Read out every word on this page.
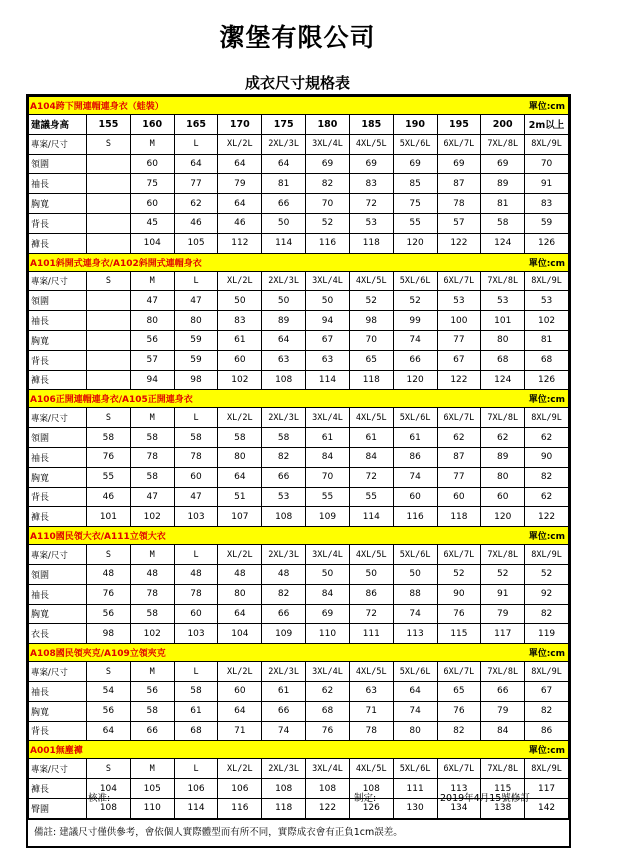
潔堡有限公司
成衣尺寸規格表
單位:cm
A104跨下開連帽連身衣（蛙裝）											

建議身高	155	160	165	170	175	180	185	190	195	200	2m以上
專案/尺寸	S	M	L	XL/2L	2XL/3L	3XL/4L	4XL/5L	5XL/6L	6XL/7L	7XL/8L	8XL/9L
領圍		60	64	64	64	69	69	69	69	69	70
袖長		75	77	79	81	82	83	85	87	89	91
胸寬		60	62	64	66	70	72	75	78	81	83
背長		45	46	46	50	52	53	55	57	58	59
褲長		104	105	112	114	116	118	120	122	124	126

單位:cm
A101斜開式連身衣/A102斜開式連帽身衣											

專案/尺寸	S	M	L	XL/2L	2XL/3L	3XL/4L	4XL/5L	5XL/6L	6XL/7L	7XL/8L	8XL/9L
領圍		47	47	50	50	50	52	52	53	53	53
袖長		80	80	83	89	94	98	99	100	101	102
胸寬		56	59	61	64	67	70	74	77	80	81
背長		57	59	60	63	63	65	66	67	68	68
褲長		94	98	102	108	114	118	120	122	124	126

單位:cm
A106正開連帽連身衣/A105正開連身衣											

專案/尺寸	S	M	L	XL/2L	2XL/3L	3XL/4L	4XL/5L	5XL/6L	6XL/7L	7XL/8L	8XL/9L
領圍	58	58	58	58	58	61	61	61	62	62	62
袖長	76	78	78	80	82	84	84	86	87	89	90
胸寬	55	58	60	64	66	70	72	74	77	80	82
背長	46	47	47	51	53	55	55	60	60	60	62
褲長	101	102	103	107	108	109	114	116	118	120	122

單位:cm
A110國民領大衣/A111立領大衣											

專案/尺寸	S	M	L	XL/2L	2XL/3L	3XL/4L	4XL/5L	5XL/6L	6XL/7L	7XL/8L	8XL/9L
領圍	48	48	48	48	48	50	50	50	52	52	52
袖長	76	78	78	80	82	84	86	88	90	91	92
胸寬	56	58	60	64	66	69	72	74	76	79	82
衣長	98	102	103	104	109	110	111	113	115	117	119

單位:cm
A108國民領夾克/A109立領夾克											

專案/尺寸	S	M	L	XL/2L	2XL/3L	3XL/4L	4XL/5L	5XL/6L	6XL/7L	7XL/8L	8XL/9L
袖長	54	56	58	60	61	62	63	64	65	66	67
胸寬	56	58	61	64	66	68	71	74	76	79	82
背長	64	66	68	71	74	76	78	80	82	84	86

單位:cm
A001無塵褲											

專案/尺寸	S	M	L	XL/2L	2XL/3L	3XL/4L	4XL/5L	5XL/6L	6XL/7L	7XL/8L	8XL/9L
褲長	104	105	106	106	108	108	108	111	113	115	117
臀圍	108	110	114	116	118	122	126	130	134	138	142
備註: 建議尺寸僅供參考，會依個人實際體型而有所不同，實際成衣會有正負1cm誤差。
核准:	制定:	2019年4月15號修訂
